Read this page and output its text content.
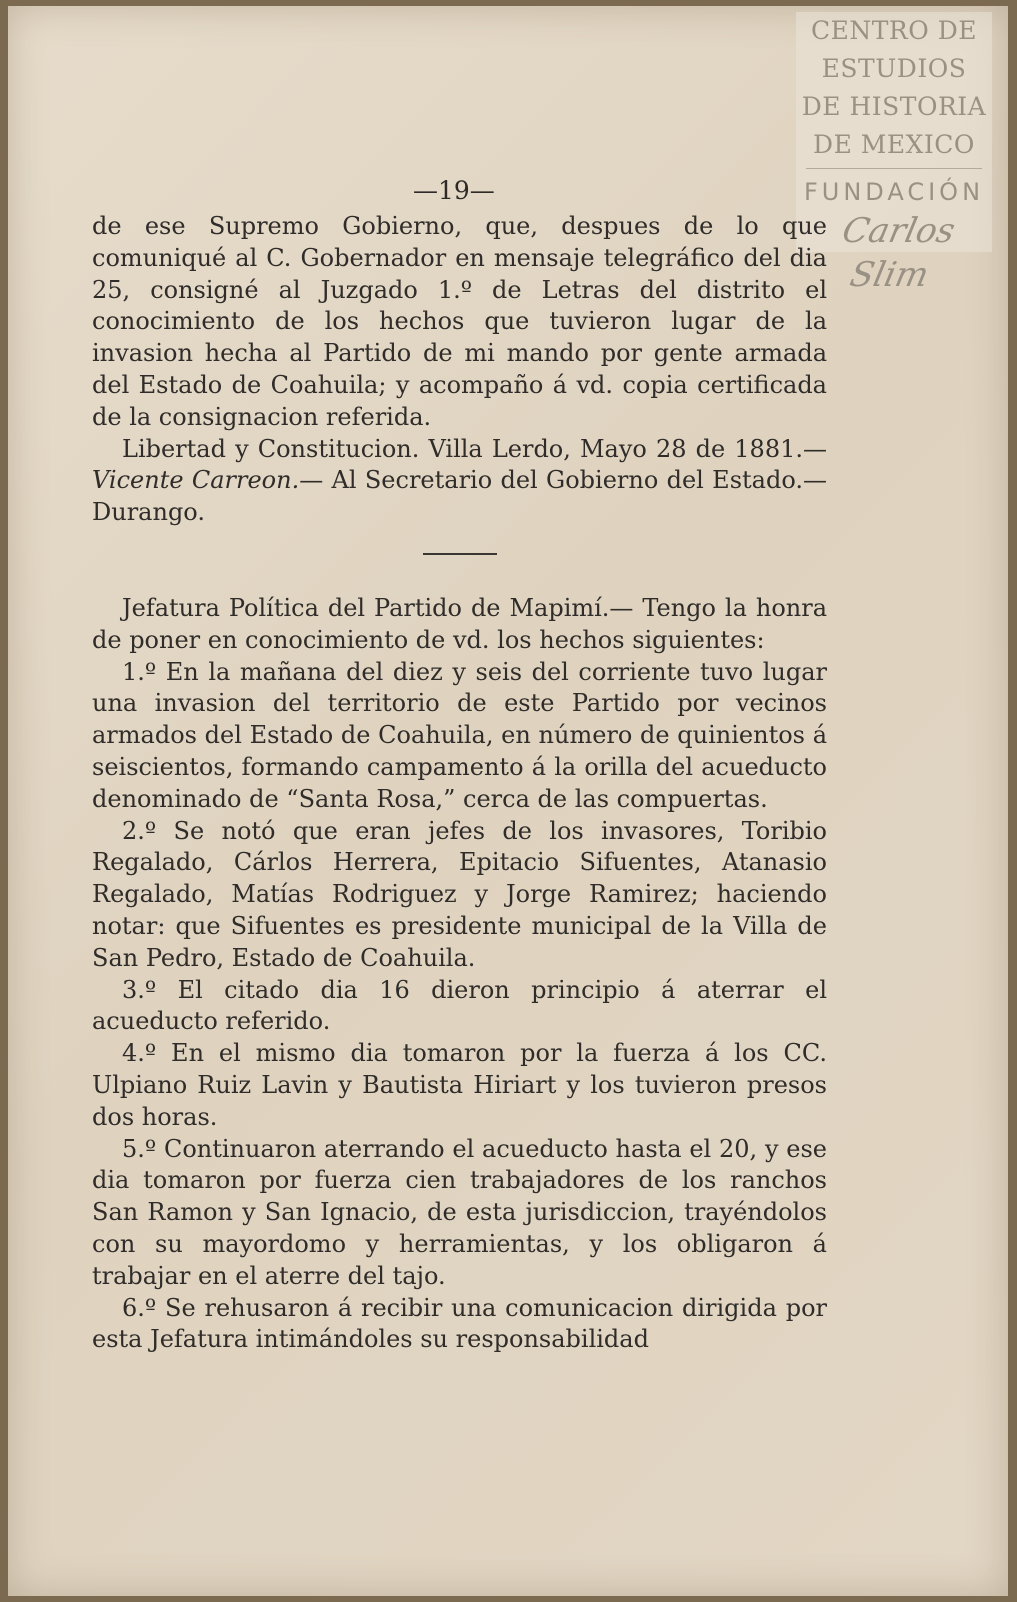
CENTRO DE
ESTUDIOS
DE HISTORIA
DE MEXICO
FUNDACIÓN
Carlos Slim
—19—

de ese Supremo Gobierno, que, despues de lo que comuniqué al C. Gobernador en mensaje telegráfico del dia 25, consigné al Juzgado 1.º de Letras del distrito el conocimiento de los hechos que tuvieron lugar de la invasion hecha al Partido de mi mando por gente armada del Estado de Coahuila; y acompaño á vd. copia certificada de la consignacion referida.

Libertad y Constitucion. Villa Lerdo, Mayo 28 de 1881.— Vicente Carreon.— Al Secretario del Gobierno del Estado.— Durango.

Jefatura Política del Partido de Mapimí.— Tengo la honra de poner en conocimiento de vd. los hechos siguientes:

1.º En la mañana del diez y seis del corriente tuvo lugar una invasion del territorio de este Partido por vecinos armados del Estado de Coahuila, en número de quinientos á seiscientos, formando campamento á la orilla del acueducto denominado de “Santa Rosa,” cerca de las compuertas.

2.º Se notó que eran jefes de los invasores, Toribio Regalado, Cárlos Herrera, Epitacio Sifuentes, Atanasio Regalado, Matías Rodriguez y Jorge Ramirez; haciendo notar: que Sifuentes es presidente municipal de la Villa de San Pedro, Estado de Coahuila.

3.º El citado dia 16 dieron principio á aterrar el acueducto referido.

4.º En el mismo dia tomaron por la fuerza á los CC. Ulpiano Ruiz Lavin y Bautista Hiriart y los tuvieron presos dos horas.

5.º Continuaron aterrando el acueducto hasta el 20, y ese dia tomaron por fuerza cien trabajadores de los ranchos San Ramon y San Ignacio, de esta jurisdiccion, trayéndolos con su mayordomo y herramientas, y los obligaron á trabajar en el aterre del tajo.

6.º Se rehusaron á recibir una comunicacion dirigida por esta Jefatura intimándoles su responsabilidad
